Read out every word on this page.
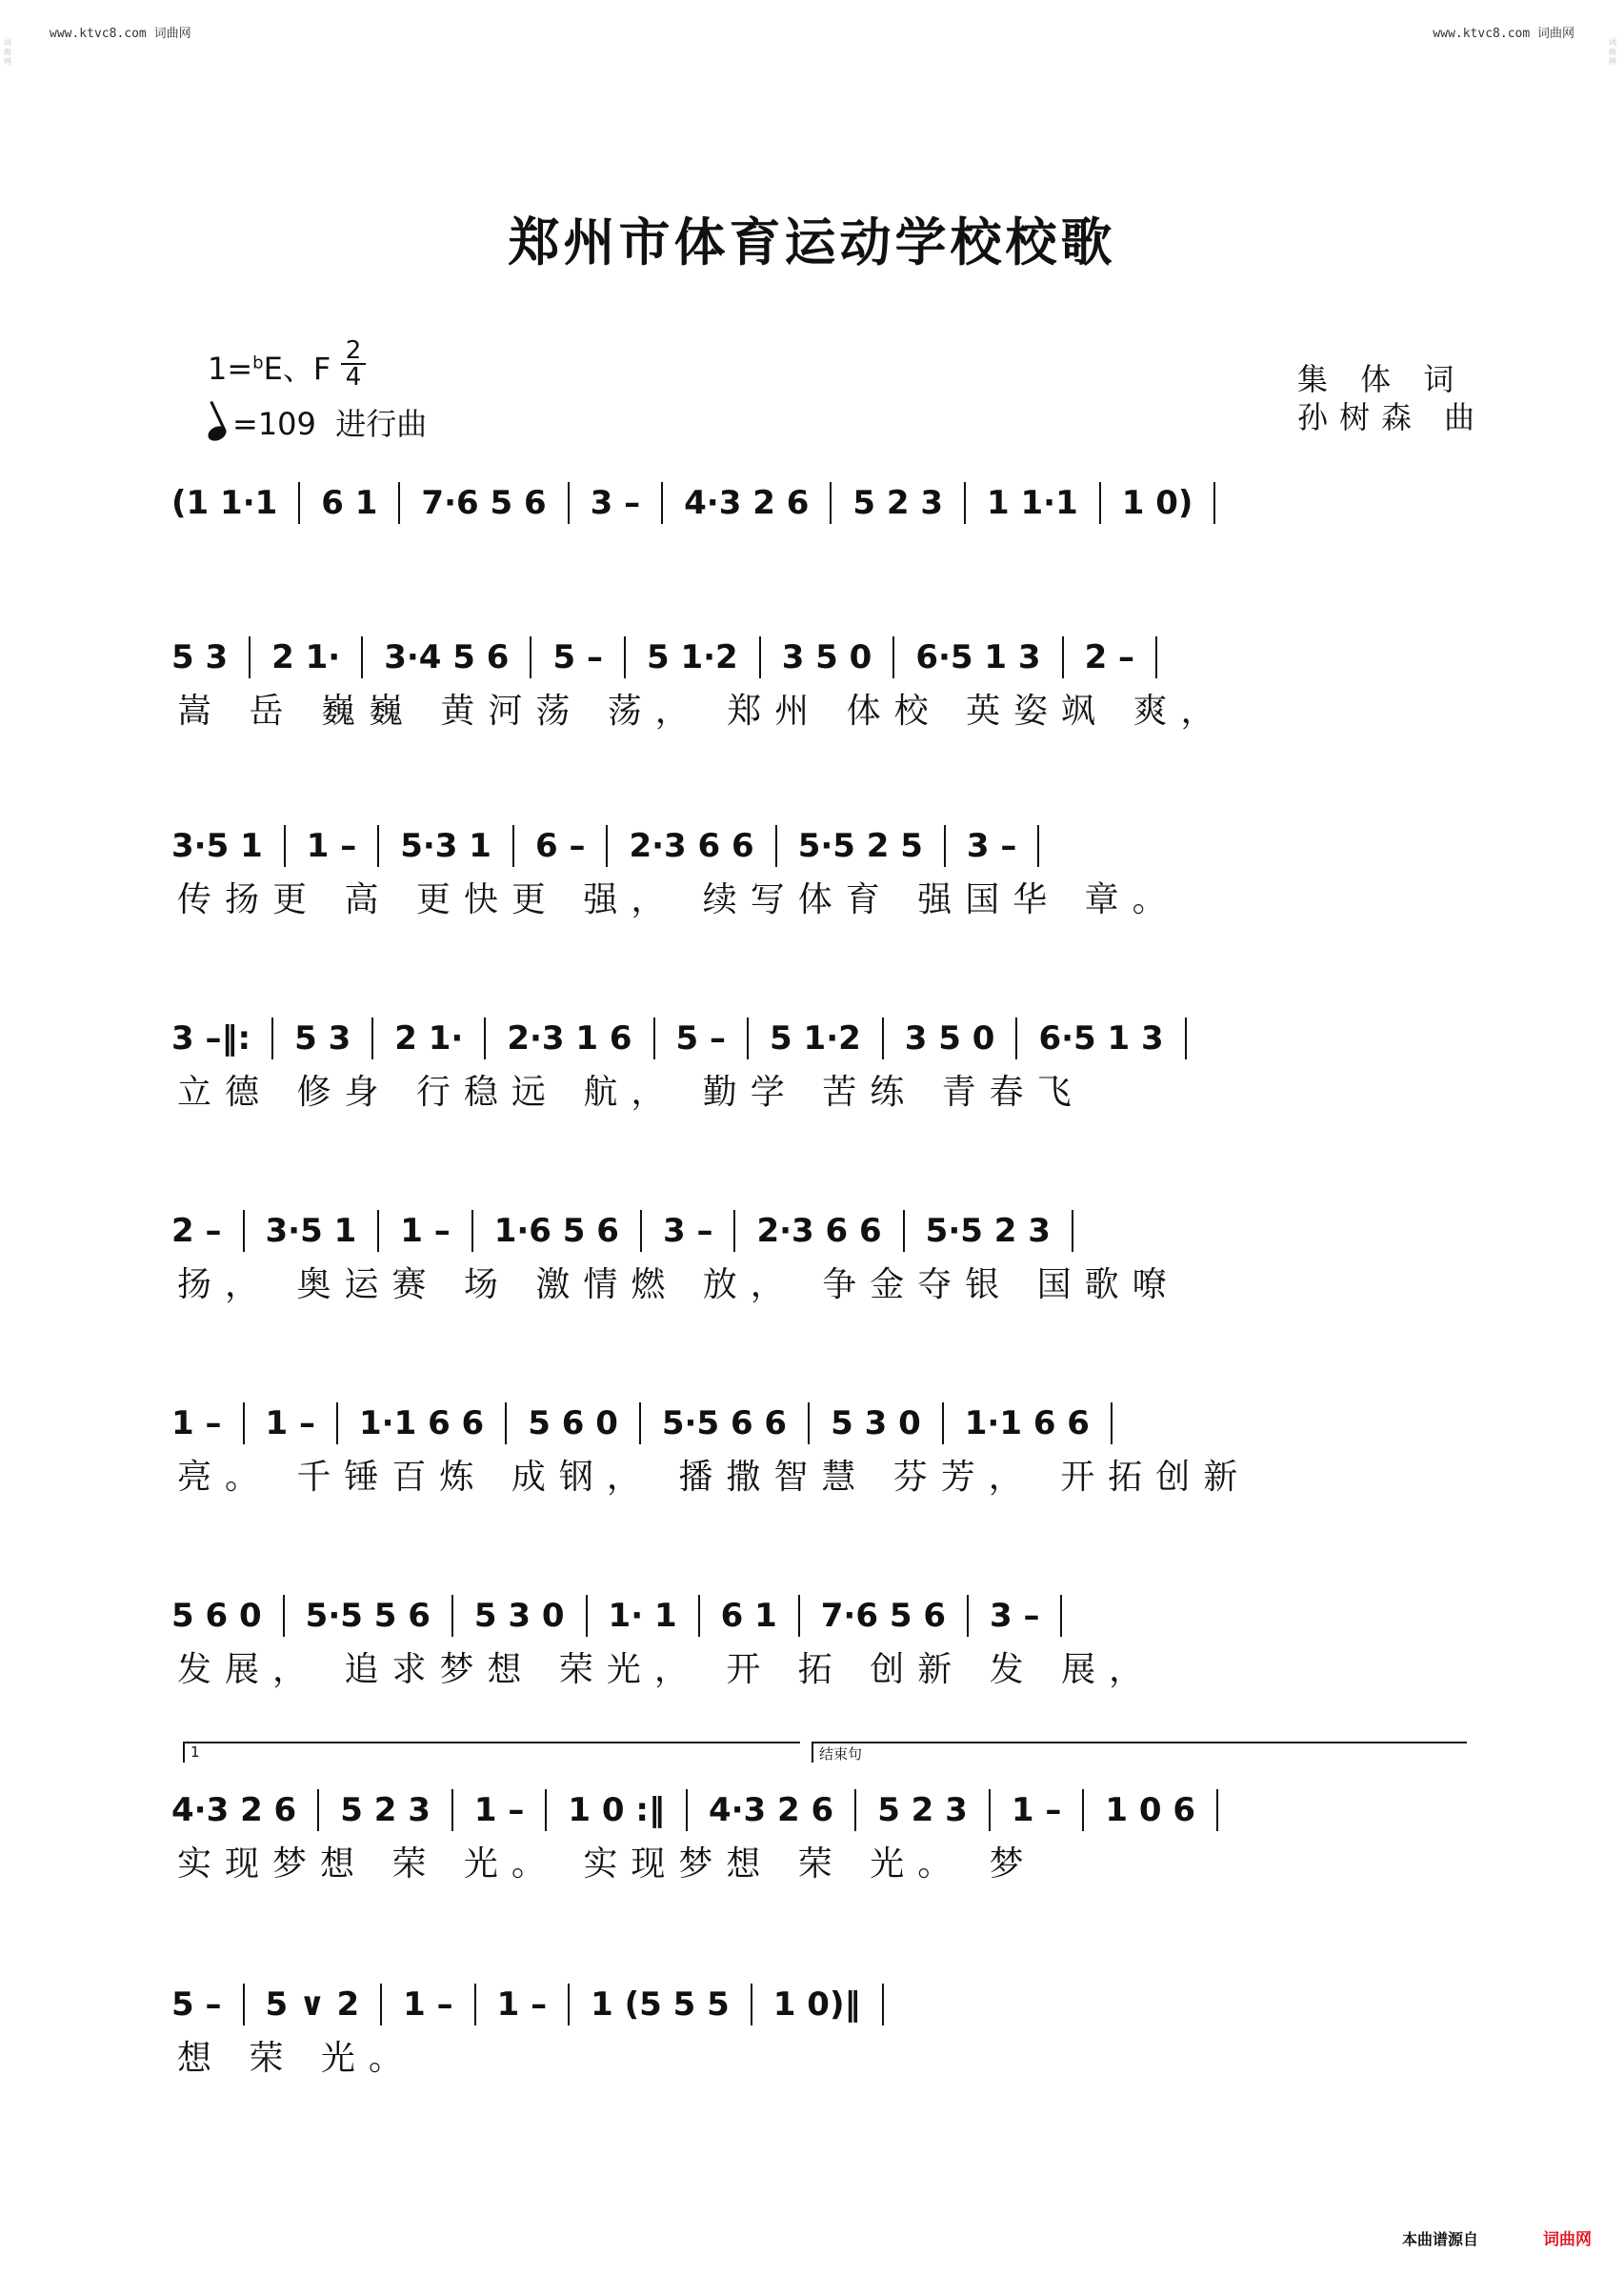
www.ktvc8.com 词曲网	www.ktvc8.com 词曲网
词曲网
词曲网
郑州市体育运动学校校歌
1=$^b$E、F 2
4
=109 进行曲
集 体 词
孙树森 曲
(1 1·1 6 1 7·6 5 6 3 – 4·3 2 6 5 2 3 1 1·1 1 0)
5 3 2 1· 3·4 5 6 5 – 5 1·2 3 5 0 6·5 1 3 2 –
嵩 岳 巍巍 黄河荡 荡， 郑州 体校 英姿飒 爽，
3·5 1 1 – 5·3 1 6 – 2·3 6 6 5·5 2 5 3 –
传扬更 高 更快更 强， 续写体育 强国华 章。
3 –‖: 5 3 2 1· 2·3 1 6 5 – 5 1·2 3 5 0 6·5 1 3
立德 修身 行稳远 航， 勤学 苦练 青春飞
2 – 3·5 1 1 – 1·6 5 6 3 – 2·3 6 6 5·5 2 3
扬， 奥运赛 场 激情燃 放， 争金夺银 国歌嘹
1 – 1 – 1·1 6 6 5 6 0 5·5 6 6 5 3 0 1·1 6 6
亮。 千锤百炼 成钢， 播撒智慧 芬芳， 开拓创新
5 6 0 5·5 5 6 5 3 0 1· 1 6 1 7·6 5 6 3 –
发展， 追求梦想 荣光， 开 拓 创新 发 展，
4·3 2 6 5 2 3 1 – 1 0 :‖ 4·3 2 6 5 2 3 1 – 1 0 6
实现梦想 荣 光。 实现梦想 荣 光。 梦
5 – 5 ∨ 2 1 – 1 – 1 (5 5 5 1 0)‖
想 荣 光。
1	结束句
本曲谱源自	词曲网
